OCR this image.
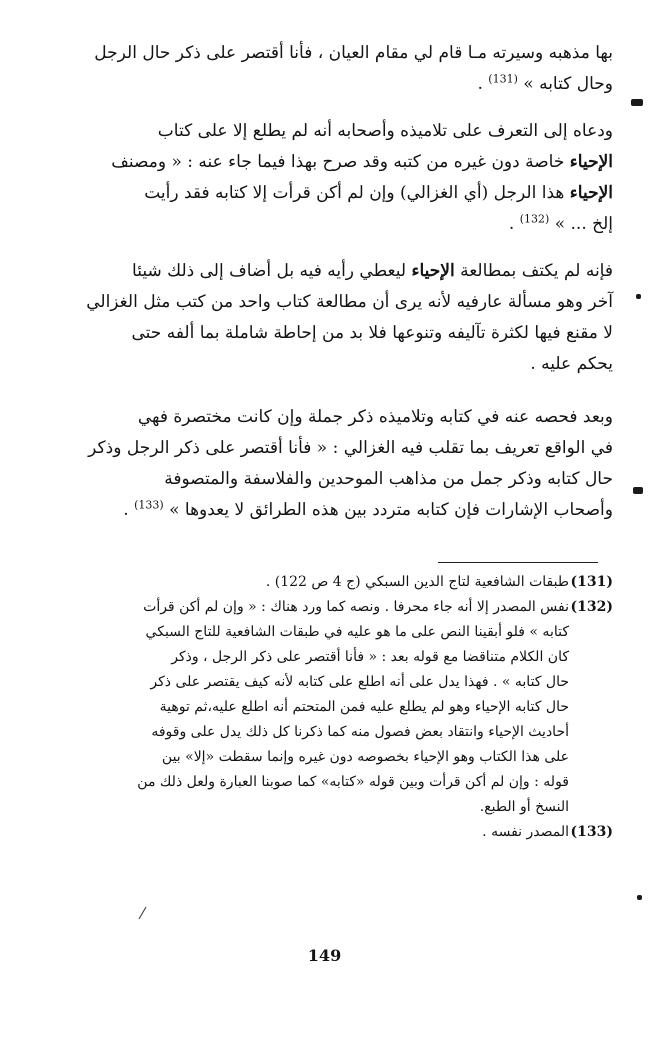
بها مذهبه وسيرته مـا قام لي مقام العيان ، فأنا أقتصر على ذكر حال الرجل
وحال كتابه » $^{(131)}$ .
ودعاه إلى التعرف على تلاميذه وأصحابه أنه لم يطلع إلا على كتاب
الإحياء خاصة دون غيره من كتبه وقد صرح بهذا فيما جاء عنه : « ومصنف
الإحياء هذا الرجل (أي الغزالي) وإن لم أكن قرأت إلا كتابه فقد رأيت
إلخ ... » $^{(132)}$ .
فإنه لم يكتف بمطالعة الإحياء ليعطي رأيه فيه بل أضاف إلى ذلك شيئا
آخر وهو مسألة عارفيه لأنه يرى أن مطالعة كتاب واحد من كتب مثل الغزالي
لا مقنع فيها لكثرة تآليفه وتنوعها فلا بد من إحاطة شاملة بما ألفه حتى
يحكم عليه .
وبعد فحصه عنه في كتابه وتلاميذه ذكر جملة وإن كانت مختصرة فهي
في الواقع تعريف بما تقلب فيه الغزالي : « فأنا أقتصر على ذكر الرجل وذكر
حال كتابه وذكر جمل من مذاهب الموحدين والفلاسفة والمتصوفة
وأصحاب الإشارات فإن كتابه متردد بين هذه الطرائق لا يعدوها » $^{(133)}$ .
(131)
طبقات الشافعية لتاج الدين السبكي (ج 4 ص 122) .
(132)
نفس المصدر إلا أنه جاء محرفا . ونصه كما ورد هناك : « وإن لم أكن قرأت
كتابه » فلو أبقينا النص على ما هو عليه في طبقات الشافعية للتاج السبكي
كان الكلام متناقضا مع قوله بعد : « فأنا أقتصر على ذكر الرجل ، وذكر
حال كتابه » . فهذا يدل على أنه اطلع على كتابه لأنه كيف يقتصر على ذكر
حال كتابه الإحياء وهو لم يطلع عليه فمن المتحتم أنه اطلع عليه،ثم توهية
أحاديث الإحياء وانتقاد بعض فصول منه كما ذكرنا كل ذلك يدل على وقوفه
على هذا الكتاب وهو الإحياء بخصوصه دون غيره وإنما سقطت «إلا» بين
قوله : وإن لم أكن قرأت وبين قوله «كتابه» كما صوبنا العبارة ولعل ذلك من
النسخ أو الطبع.
(133)
المصدر نفسه .
149
